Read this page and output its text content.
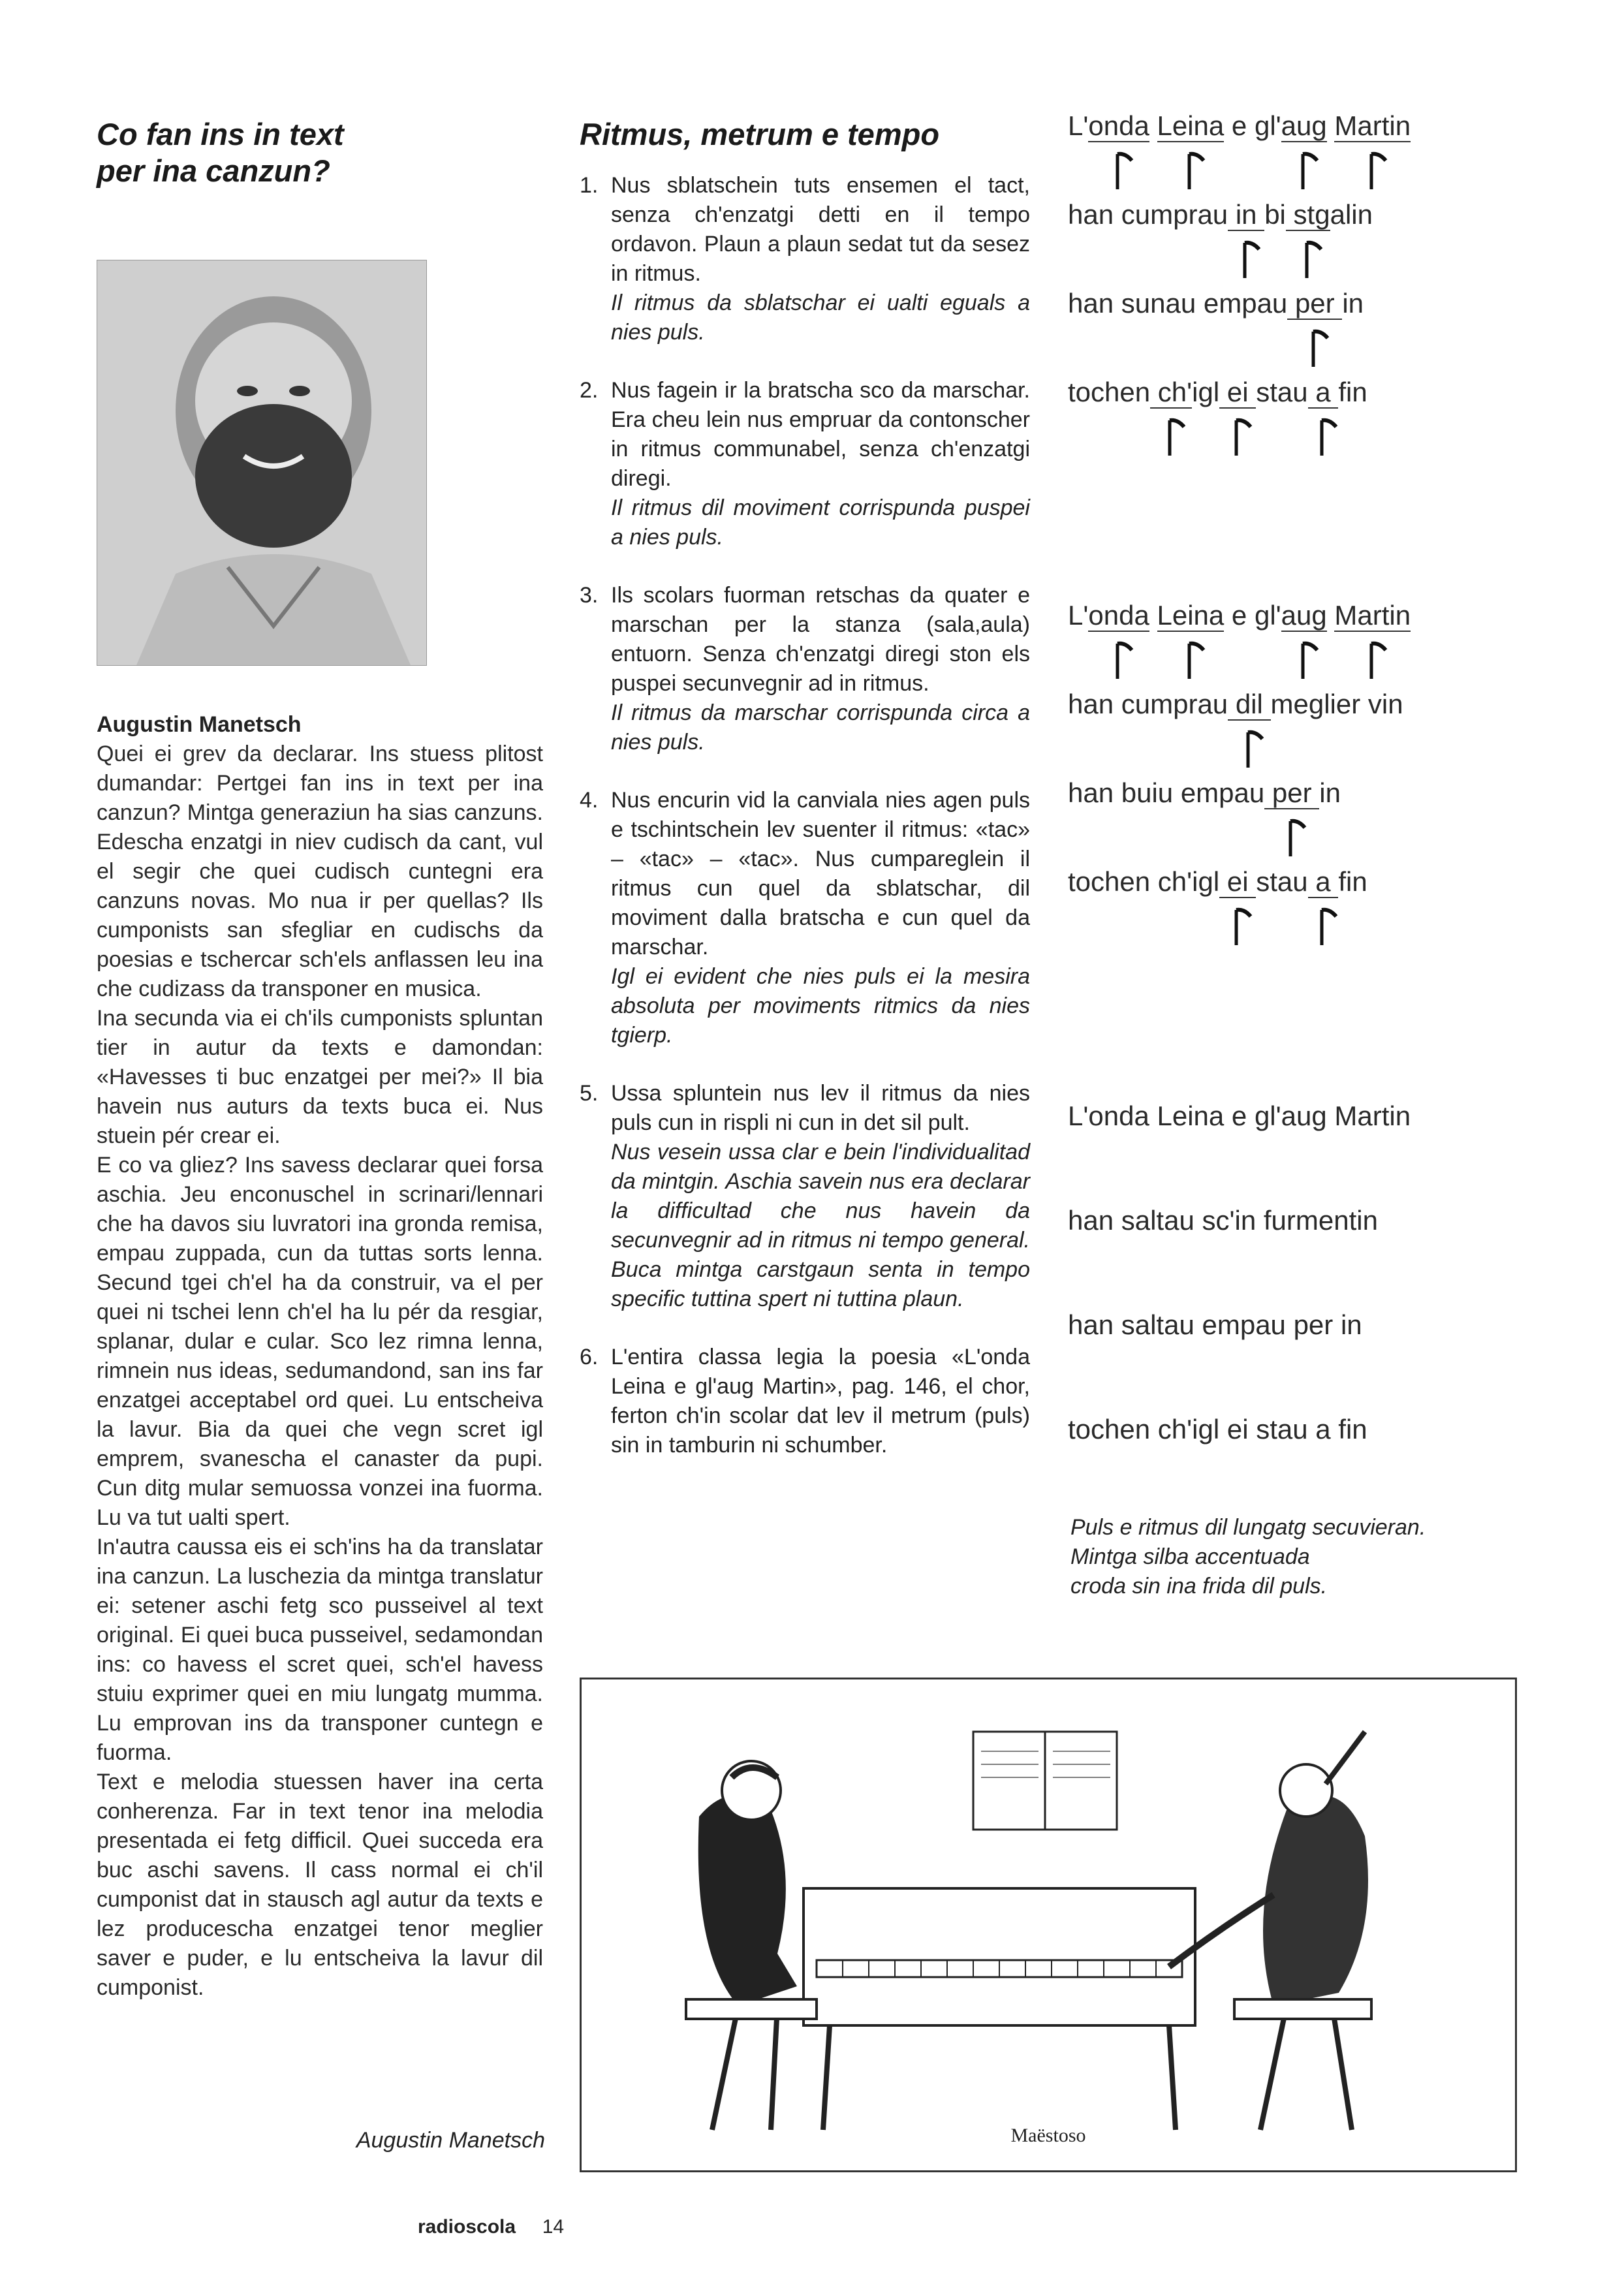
Co fan ins in text
per ina canzun?
Augustin Manetsch

Quei ei grev da declarar. Ins stuess plitost dumandar: Pertgei fan ins in text per ina canzun? Mintga generaziun ha sias canzuns. Edescha enzatgi in niev cudisch da cant, vul el segir che quei cudisch cuntegni era canzuns novas. Mo nua ir per quellas? Ils cumponists san sfegliar en cudischs da poesias e tschercar sch'els anflassen leu ina che cudizass da transponer en musica.

Ina secunda via ei ch'ils cumponists spluntan tier in autur da texts e damondan: «Havesses ti buc enzatgei per mei?» Il bia havein nus auturs da texts buca ei. Nus stuein pér crear ei.

E co va gliez? Ins savess declarar quei forsa aschia. Jeu enconuschel in scrinari/lennari che ha davos siu luvratori ina gronda remisa, empau zuppada, cun da tuttas sorts lenna. Secund tgei ch'el ha da construir, va el per quei ni tschei lenn ch'el ha lu pér da resgiar, splanar, dular e cular. Sco lez rimna lenna, rimnein nus ideas, sedumandond, san ins far enzatgei acceptabel ord quei. Lu entscheiva la lavur. Bia da quei che vegn scret igl emprem, svanescha el canaster da pupi. Cun ditg mular semuossa vonzei ina fuorma. Lu va tut ualti spert.

In'autra caussa eis ei sch'ins ha da translatar ina canzun. La luschezia da mintga translatur ei: setener aschi fetg sco pusseivel al text original. Ei quei buca pusseivel, sedamondan ins: co havess el scret quei, sch'el havess stuiu exprimer quei en miu lungatg mumma. Lu emprovan ins da transponer cuntegn e fuorma.

Text e melodia stuessen haver ina certa conherenza. Far in text tenor ina melodia presentada ei fetg difficil. Quei succeda era buc aschi savens. Il cass normal ei ch'il cumponist dat in stausch agl autur da texts e lez producescha enzatgei tenor meglier saver e puder, e lu entscheiva la lavur dil cumponist.

Augustin Manetsch
Ritmus, metrum e tempo
1. Nus sblatschein tuts ensemen el tact, senza ch'enzatgi detti en il tempo ordavon. Plaun a plaun sedat tut da sesez in ritmus.
Il ritmus da sblatschar ei ualti eguals a nies puls.
2. Nus fagein ir la bratscha sco da marschar. Era cheu lein nus empruar da contonscher in ritmus communabel, senza ch'enzatgi diregi.
Il ritmus dil moviment corrispunda puspei a nies puls.
3. Ils scolars fuorman retschas da quater e marschan per la stanza (sala,aula) entuorn. Senza ch'enzatgi diregi ston els puspei secunvegnir ad in ritmus.
Il ritmus da marschar corrispunda circa a nies puls.
4. Nus encurin vid la canviala nies agen puls e tschintschein lev suenter il ritmus: «tac» – «tac» – «tac». Nus cumpareglein il ritmus cun quel da sblatschar, dil moviment dalla bratscha e cun quel da marschar.
Igl ei evident che nies puls ei la mesira absoluta per moviments ritmics da nies tgierp.
5. Ussa spluntein nus lev il ritmus da nies puls cun in rispli ni cun in det sil pult.
Nus vesein ussa clar e bein l'individualitad da mintgin. Aschia savein nus era declarar la difficultad che nus havein da secunvegnir ad in ritmus ni tempo general. Buca mintga carstgaun senta in tempo specific tuttina spert ni tuttina plaun.
6. L'entira classa legia la poesia «L'onda Leina e gl'aug Martin», pag. 146, el chor, ferton ch'in scolar dat lev il metrum (puls) sin in tamburin ni schumber.
L'onda Leina e gl'aug Martin
han cumprau in bi stgalin
han sunau empau per in
tochen ch'igl ei stau a fin
L'onda Leina e gl'aug Martin
han cumprau dil meglier vin
han buiu empau per in
tochen ch'igl ei stau a fin
L'onda Leina e gl'aug Martin
han saltau sc'in furmentin
han saltau empau per in
tochen ch'igl ei stau a fin
Puls e ritmus dil lungatg secuvieran.
Mintga silba accentuada
croda sin ina frida dil puls.
Maëstoso
radioscola 14
